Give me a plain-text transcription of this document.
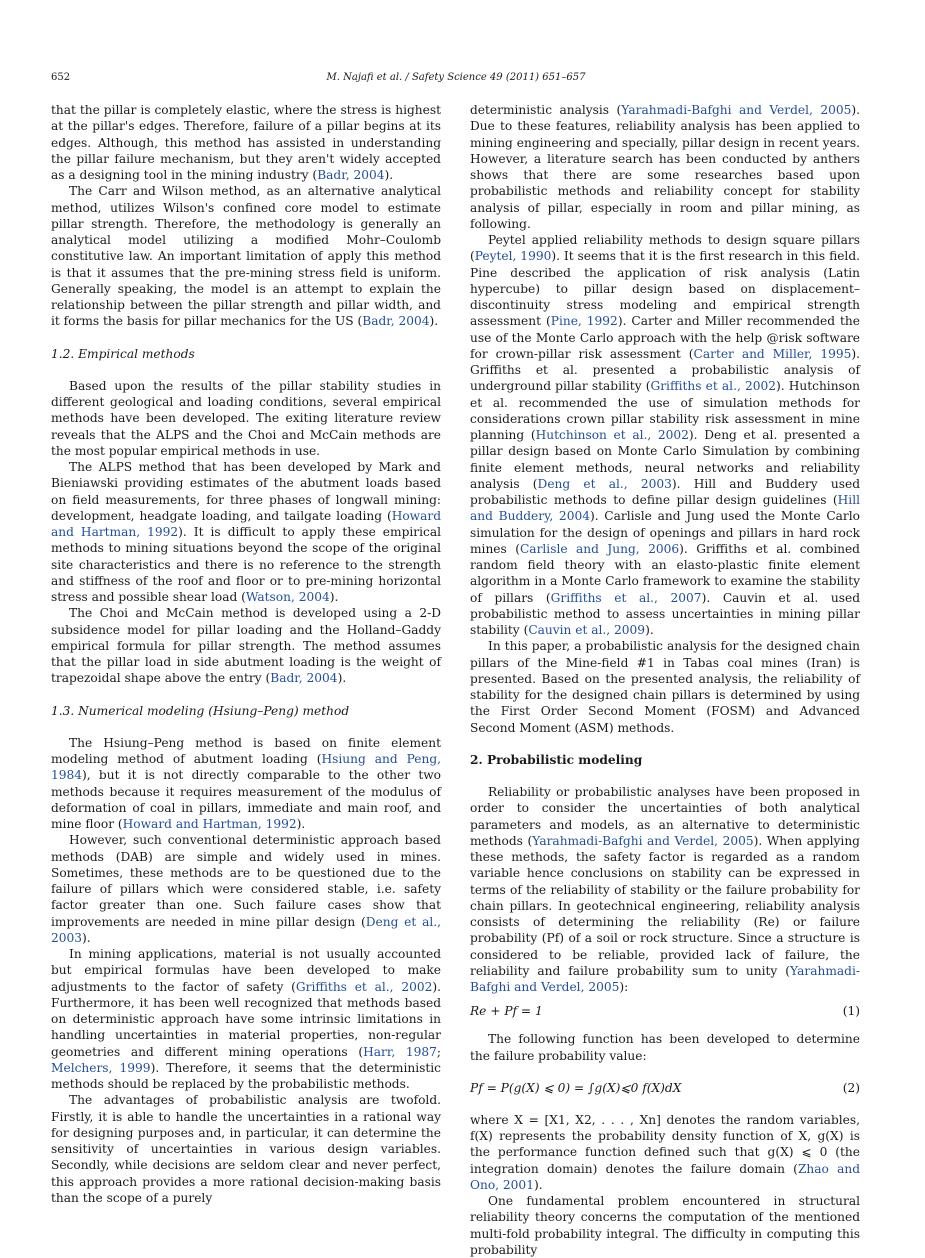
652	M. Najafi et al. / Safety Science 49 (2011) 651–657

that the pillar is completely elastic, where the stress is highest at the pillar's edges. Therefore, failure of a pillar begins at its edges. Although, this method has assisted in understanding the pillar failure mechanism, but they aren't widely accepted as a designing tool in the mining industry (Badr, 2004).

The Carr and Wilson method, as an alternative analytical method, utilizes Wilson's confined core model to estimate pillar strength. Therefore, the methodology is generally an analytical model utilizing a modified Mohr–Coulomb constitutive law. An important limitation of apply this method is that it assumes that the pre-mining stress field is uniform. Generally speaking, the model is an attempt to explain the relationship between the pillar strength and pillar width, and it forms the basis for pillar mechanics for the US (Badr, 2004).

1.2. Empirical methods

Based upon the results of the pillar stability studies in different geological and loading conditions, several empirical methods have been developed. The exiting literature review reveals that the ALPS and the Choi and McCain methods are the most popular empirical methods in use.

The ALPS method that has been developed by Mark and Bieniawski providing estimates of the abutment loads based on field measurements, for three phases of longwall mining: development, headgate loading, and tailgate loading (Howard and Hartman, 1992). It is difficult to apply these empirical methods to mining situations beyond the scope of the original site characteristics and there is no reference to the strength and stiffness of the roof and floor or to pre-mining horizontal stress and possible shear load (Watson, 2004).

The Choi and McCain method is developed using a 2-D subsidence model for pillar loading and the Holland–Gaddy empirical formula for pillar strength. The method assumes that the pillar load in side abutment loading is the weight of trapezoidal shape above the entry (Badr, 2004).

1.3. Numerical modeling (Hsiung–Peng) method

The Hsiung–Peng method is based on finite element modeling method of abutment loading (Hsiung and Peng, 1984), but it is not directly comparable to the other two methods because it requires measurement of the modulus of deformation of coal in pillars, immediate and main roof, and mine floor (Howard and Hartman, 1992).

However, such conventional deterministic approach based methods (DAB) are simple and widely used in mines. Sometimes, these methods are to be questioned due to the failure of pillars which were considered stable, i.e. safety factor greater than one. Such failure cases show that improvements are needed in mine pillar design (Deng et al., 2003).

In mining applications, material is not usually accounted but empirical formulas have been developed to make adjustments to the factor of safety (Griffiths et al., 2002). Furthermore, it has been well recognized that methods based on deterministic approach have some intrinsic limitations in handling uncertainties in material properties, non-regular geometries and different mining operations (Harr, 1987; Melchers, 1999). Therefore, it seems that the deterministic methods should be replaced by the probabilistic methods.

The advantages of probabilistic analysis are twofold. Firstly, it is able to handle the uncertainties in a rational way for designing purposes and, in particular, it can determine the sensitivity of uncertainties in various design variables. Secondly, while decisions are seldom clear and never perfect, this approach provides a more rational decision-making basis than the scope of a purely

deterministic analysis (Yarahmadi-Bafghi and Verdel, 2005). Due to these features, reliability analysis has been applied to mining engineering and specially, pillar design in recent years. However, a literature search has been conducted by anthers shows that there are some researches based upon probabilistic methods and reliability concept for stability analysis of pillar, especially in room and pillar mining, as following.

Peytel applied reliability methods to design square pillars (Peytel, 1990). It seems that it is the first research in this field. Pine described the application of risk analysis (Latin hypercube) to pillar design based on displacement–discontinuity stress modeling and empirical strength assessment (Pine, 1992). Carter and Miller recommended the use of the Monte Carlo approach with the help @risk software for crown-pillar risk assessment (Carter and Miller, 1995). Griffiths et al. presented a probabilistic analysis of underground pillar stability (Griffiths et al., 2002). Hutchinson et al. recommended the use of simulation methods for considerations crown pillar stability risk assessment in mine planning (Hutchinson et al., 2002). Deng et al. presented a pillar design based on Monte Carlo Simulation by combining finite element methods, neural networks and reliability analysis (Deng et al., 2003). Hill and Buddery used probabilistic methods to define pillar design guidelines (Hill and Buddery, 2004). Carlisle and Jung used the Monte Carlo simulation for the design of openings and pillars in hard rock mines (Carlisle and Jung, 2006). Griffiths et al. combined random field theory with an elasto-plastic finite element algorithm in a Monte Carlo framework to examine the stability of pillars (Griffiths et al., 2007). Cauvin et al. used probabilistic method to assess uncertainties in mining pillar stability (Cauvin et al., 2009).

In this paper, a probabilistic analysis for the designed chain pillars of the Mine-field #1 in Tabas coal mines (Iran) is presented. Based on the presented analysis, the reliability of stability for the designed chain pillars is determined by using the First Order Second Moment (FOSM) and Advanced Second Moment (ASM) methods.

2. Probabilistic modeling

Reliability or probabilistic analyses have been proposed in order to consider the uncertainties of both analytical parameters and models, as an alternative to deterministic methods (Yarahmadi-Bafghi and Verdel, 2005). When applying these methods, the safety factor is regarded as a random variable hence conclusions on stability can be expressed in terms of the reliability of stability or the failure probability for chain pillars. In geotechnical engineering, reliability analysis consists of determining the reliability (Re) or failure probability (Pf) of a soil or rock structure. Since a structure is considered to be reliable, provided lack of failure, the reliability and failure probability sum to unity (Yarahmadi-Bafghi and Verdel, 2005):

Re + Pf = 1	(1)

The following function has been developed to determine the failure probability value:

Pf = P(g(X) ⩽ 0) = ∫g(X)⩽0 f(X)dX	(2)

where X = [X1, X2, . . . , Xn] denotes the random variables, f(X) represents the probability density function of X, g(X) is the performance function defined such that g(X) ⩽ 0 (the integration domain) denotes the failure domain (Zhao and Ono, 2001).

One fundamental problem encountered in structural reliability theory concerns the computation of the mentioned multi-fold probability integral. The difficulty in computing this probability
